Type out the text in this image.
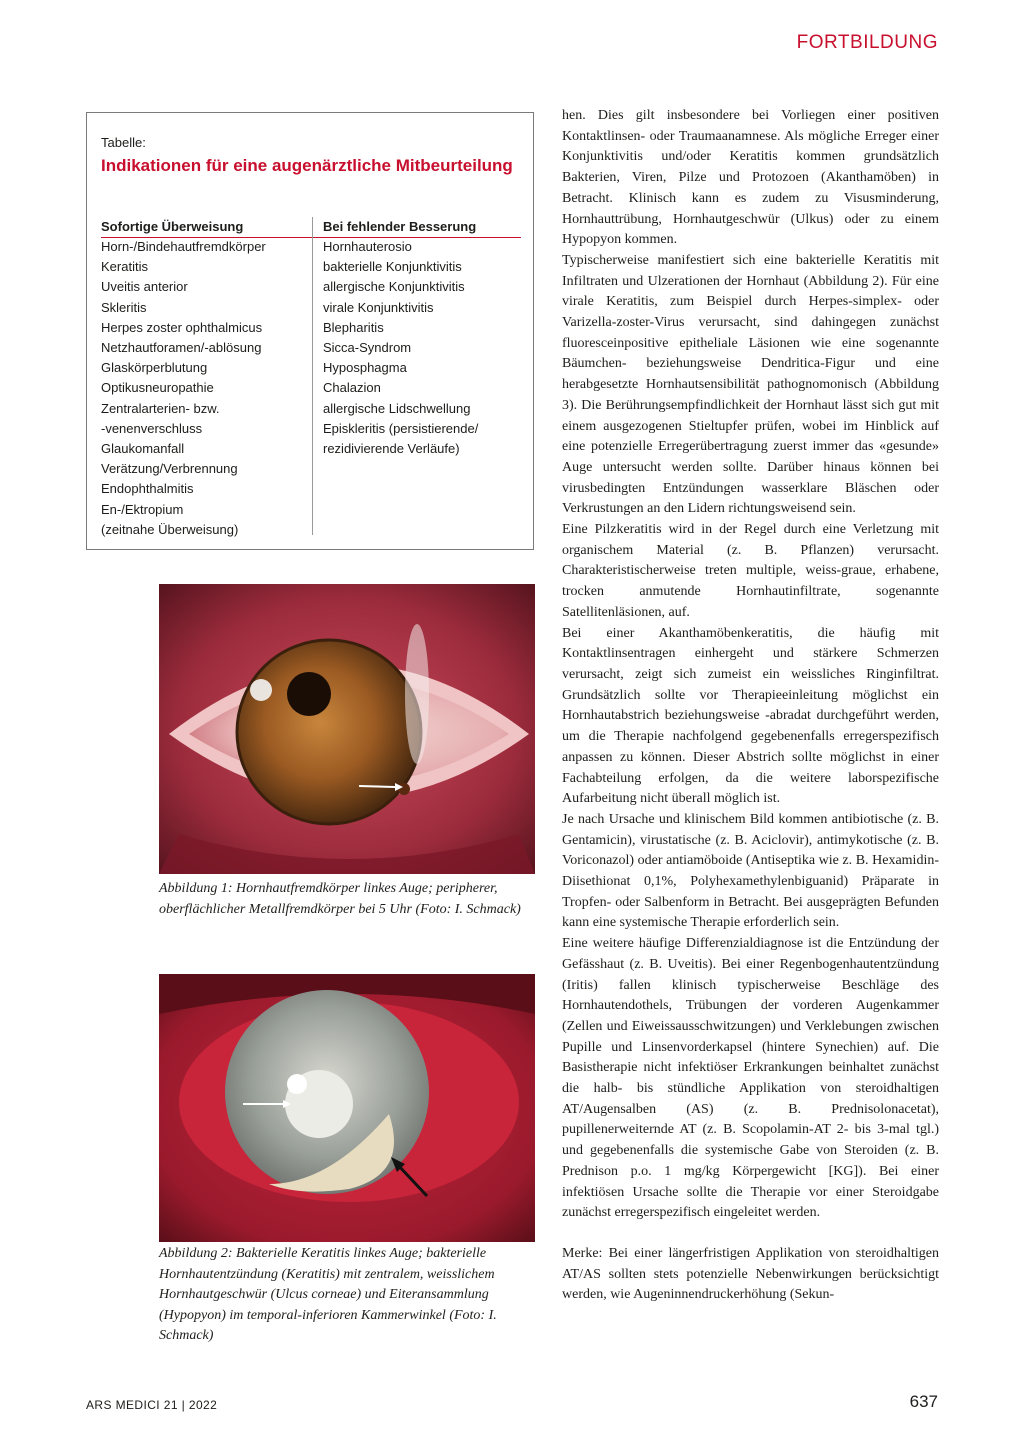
FORTBILDUNG
Tabelle:
Indikationen für eine augenärztliche Mitbeurteilung
Sofortige Überweisung
Horn-/Bindehautfremdkörper
Keratitis
Uveitis anterior
Skleritis
Herpes zoster ophthalmicus
Netzhautforamen/-ablösung
Glaskörperblutung
Optikusneuropathie
Zentralarterien- bzw.
-venenverschluss
Glaukomanfall
Verätzung/Verbrennung
Endophthalmitis
En-/Ektropium
(zeitnahe Überweisung)
Bei fehlender Besserung
Hornhauterosio
bakterielle Konjunktivitis
allergische Konjunktivitis
virale Konjunktivitis
Blepharitis
Sicca-Syndrom
Hyposphagma
Chalazion
allergische Lidschwellung
Episkleritis (persistierende/
rezidivierende Verläufe)
Abbildung 1: Hornhautfremdkörper linkes Auge; peripherer, oberflächlicher Metallfremdkörper bei 5 Uhr (Foto: I. Schmack)
Abbildung 2: Bakterielle Keratitis linkes Auge; bakterielle Hornhautentzündung (Keratitis) mit zentralem, weisslichem Hornhautgeschwür (Ulcus corneae) und Eiteransammlung (Hypopyon) im temporal-inferioren Kammerwinkel (Foto: I. Schmack)

hen. Dies gilt insbesondere bei Vorliegen einer positiven Kontaktlinsen- oder Traumaanamnese. Als mögliche Erreger einer Konjunktivitis und/oder Keratitis kommen grundsätzlich Bakterien, Viren, Pilze und Protozoen (Akanthamöben) in Betracht. Klinisch kann es zudem zu Visusminderung, Hornhauttrübung, Hornhautgeschwür (Ulkus) oder zu einem Hypopyon kommen.

Typischerweise manifestiert sich eine bakterielle Keratitis mit Infiltraten und Ulzerationen der Hornhaut (Abbildung 2). Für eine virale Keratitis, zum Beispiel durch Herpes-simplex- oder Varizella-zoster-Virus verursacht, sind dahingegen zunächst fluoresceinpositive epitheliale Läsionen wie eine sogenannte Bäumchen- beziehungsweise Dendritica-Figur und eine herabgesetzte Hornhautsensibilität pathognomonisch (Abbildung 3). Die Berührungsempfindlichkeit der Hornhaut lässt sich gut mit einem ausgezogenen Stieltupfer prüfen, wobei im Hinblick auf eine potenzielle Erregerübertragung zuerst immer das «gesunde» Auge untersucht werden sollte. Darüber hinaus können bei virusbedingten Entzündungen wasserklare Bläschen oder Verkrustungen an den Lidern richtungsweisend sein.

Eine Pilzkeratitis wird in der Regel durch eine Verletzung mit organischem Material (z. B. Pflanzen) verursacht. Charakteristischerweise treten multiple, weiss-graue, erhabene, trocken anmutende Hornhautinfiltrate, sogenannte Satellitenläsionen, auf.

Bei einer Akanthamöbenkeratitis, die häufig mit Kontaktlinsentragen einhergeht und stärkere Schmerzen verursacht, zeigt sich zumeist ein weissliches Ringinfiltrat. Grundsätzlich sollte vor Therapieeinleitung möglichst ein Hornhautabstrich beziehungsweise -abradat durchgeführt werden, um die Therapie nachfolgend gegebenenfalls erregerspezifisch anpassen zu können. Dieser Abstrich sollte möglichst in einer Fachabteilung erfolgen, da die weitere laborspezifische Aufarbeitung nicht überall möglich ist.

Je nach Ursache und klinischem Bild kommen antibiotische (z. B. Gentamicin), virustatische (z. B. Aciclovir), antimykotische (z. B. Voriconazol) oder antiamöboide (Antiseptika wie z. B. Hexamidin-Diisethionat 0,1%, Polyhexamethylenbiguanid) Präparate in Tropfen- oder Salbenform in Betracht. Bei ausgeprägten Befunden kann eine systemische Therapie erforderlich sein.

Eine weitere häufige Differenzialdiagnose ist die Entzündung der Gefässhaut (z. B. Uveitis). Bei einer Regenbogenhautentzündung (Iritis) fallen klinisch typischerweise Beschläge des Hornhautendothels, Trübungen der vorderen Augenkammer (Zellen und Eiweissausschwitzungen) und Verklebungen zwischen Pupille und Linsenvorderkapsel (hintere Synechien) auf. Die Basistherapie nicht infektiöser Erkrankungen beinhaltet zunächst die halb- bis stündliche Applikation von steroidhaltigen AT/Augensalben (AS) (z. B. Prednisolonacetat), pupillenerweiternde AT (z. B. Scopolamin-AT 2- bis 3-mal tgl.) und gegebenenfalls die systemische Gabe von Steroiden (z. B. Prednison p.o. 1 mg/kg Körpergewicht [KG]). Bei einer infektiösen Ursache sollte die Therapie vor einer Steroidgabe zunächst erregerspezifisch eingeleitet werden.

Merke: Bei einer längerfristigen Applikation von steroidhaltigen AT/AS sollten stets potenzielle Nebenwirkungen berücksichtigt werden, wie Augeninnendruckerhöhung (Sekun-

ARS MEDICI 21 | 2022	637
